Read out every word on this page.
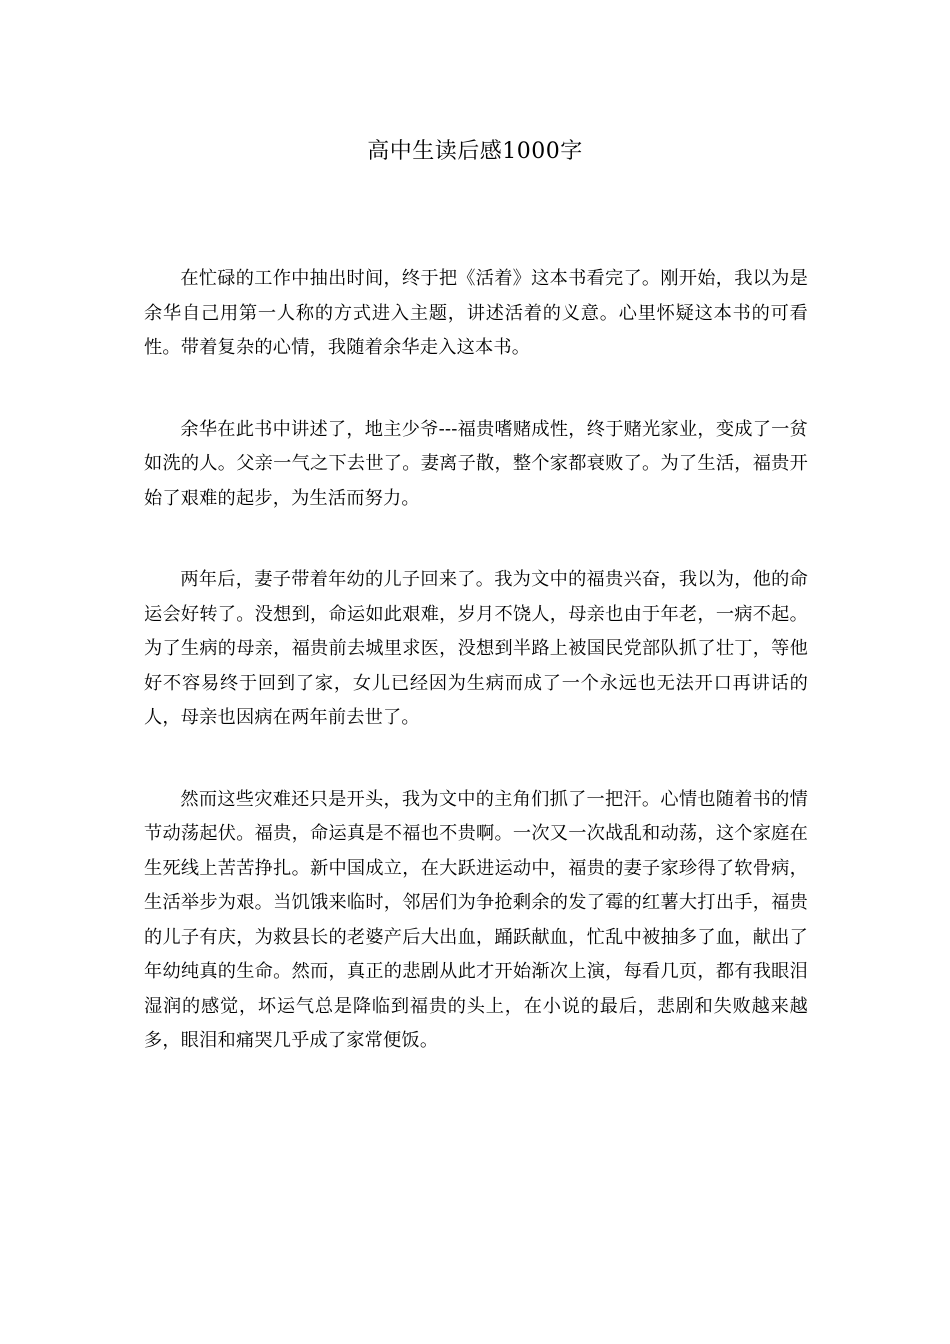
高中生读后感1000字

在忙碌的工作中抽出时间，终于把《活着》这本书看完了。刚开始，我以为是余华自己用第一人称的方式进入主题，讲述活着的义意。心里怀疑这本书的可看性。带着复杂的心情，我随着余华走入这本书。

余华在此书中讲述了，地主少爷---福贵嗜赌成性，终于赌光家业，变成了一贫如洗的人。父亲一气之下去世了。妻离子散，整个家都衰败了。为了生活，福贵开始了艰难的起步，为生活而努力。

两年后，妻子带着年幼的儿子回来了。我为文中的福贵兴奋，我以为，他的命运会好转了。没想到，命运如此艰难，岁月不饶人，母亲也由于年老，一病不起。为了生病的母亲，福贵前去城里求医，没想到半路上被国民党部队抓了壮丁，等他好不容易终于回到了家，女儿已经因为生病而成了一个永远也无法开口再讲话的人，母亲也因病在两年前去世了。

然而这些灾难还只是开头，我为文中的主角们抓了一把汗。心情也随着书的情节动荡起伏。福贵，命运真是不福也不贵啊。一次又一次战乱和动荡，这个家庭在生死线上苦苦挣扎。新中国成立，在大跃进运动中，福贵的妻子家珍得了软骨病，生活举步为艰。当饥饿来临时，邻居们为争抢剩余的发了霉的红薯大打出手，福贵的儿子有庆，为救县长的老婆产后大出血，踊跃献血，忙乱中被抽多了血，献出了年幼纯真的生命。然而，真正的悲剧从此才开始渐次上演，每看几页，都有我眼泪湿润的感觉，坏运气总是降临到福贵的头上，在小说的最后，悲剧和失败越来越多，眼泪和痛哭几乎成了家常便饭。
